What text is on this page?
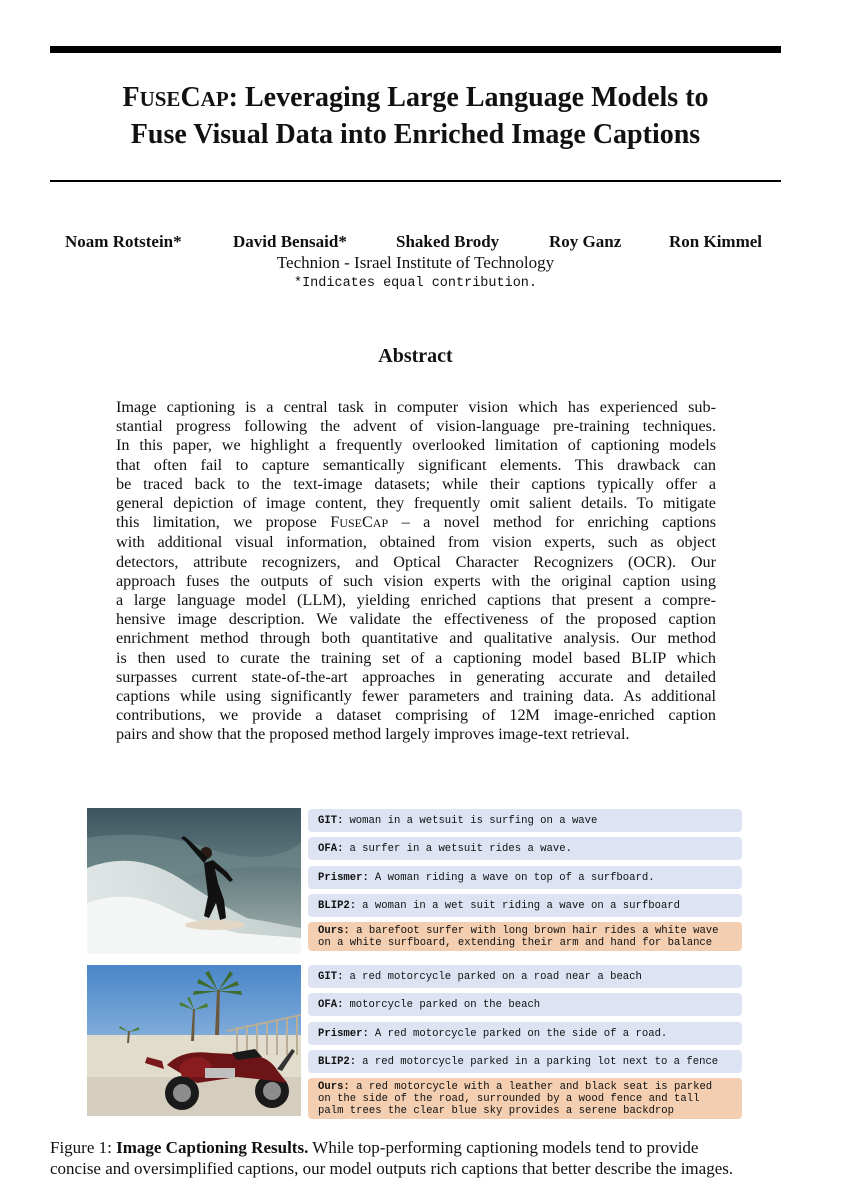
FUSECAP: Leveraging Large Language Models to
Fuse Visual Data into Enriched Image Captions
Noam Rotstein*	David Bensaid*	Shaked Brody	Roy Ganz	Ron Kimmel
Technion - Israel Institute of Technology
*Indicates equal contribution.
Abstract
Image captioning is a central task in computer vision which has experienced sub-
stantial progress following the advent of vision-language pre-training techniques.
In this paper, we highlight a frequently overlooked limitation of captioning models
that often fail to capture semantically significant elements. This drawback can
be traced back to the text-image datasets; while their captions typically offer a
general depiction of image content, they frequently omit salient details. To mitigate
this limitation, we propose FUSECAP – a novel method for enriching captions
with additional visual information, obtained from vision experts, such as object
detectors, attribute recognizers, and Optical Character Recognizers (OCR). Our
approach fuses the outputs of such vision experts with the original caption using
a large language model (LLM), yielding enriched captions that present a compre-
hensive image description. We validate the effectiveness of the proposed caption
enrichment method through both quantitative and qualitative analysis. Our method
is then used to curate the training set of a captioning model based BLIP which
surpasses current state-of-the-art approaches in generating accurate and detailed
captions while using significantly fewer parameters and training data. As additional
contributions, we provide a dataset comprising of 12M image-enriched caption
pairs and show that the proposed method largely improves image-text retrieval.
GIT: woman in a wetsuit is surfing on a wave
OFA: a surfer in a wetsuit rides a wave.
Prismer: A woman riding a wave on top of a surfboard.
BLIP2: a woman in a wet suit riding a wave on a surfboard
Ours: a barefoot surfer with long brown hair rides a white wave
on a white surfboard, extending their arm and hand for balance
GIT: a red motorcycle parked on a road near a beach
OFA: motorcycle parked on the beach
Prismer: A red motorcycle parked on the side of a road.
BLIP2: a red motorcycle parked in a parking lot next to a fence
Ours: a red motorcycle with a leather and black seat is parked
on the side of the road, surrounded by a wood fence and tall
palm trees the clear blue sky provides a serene backdrop
Figure 1: Image Captioning Results. While top-performing captioning models tend to provide
concise and oversimplified captions, our model outputs rich captions that better describe the images.
